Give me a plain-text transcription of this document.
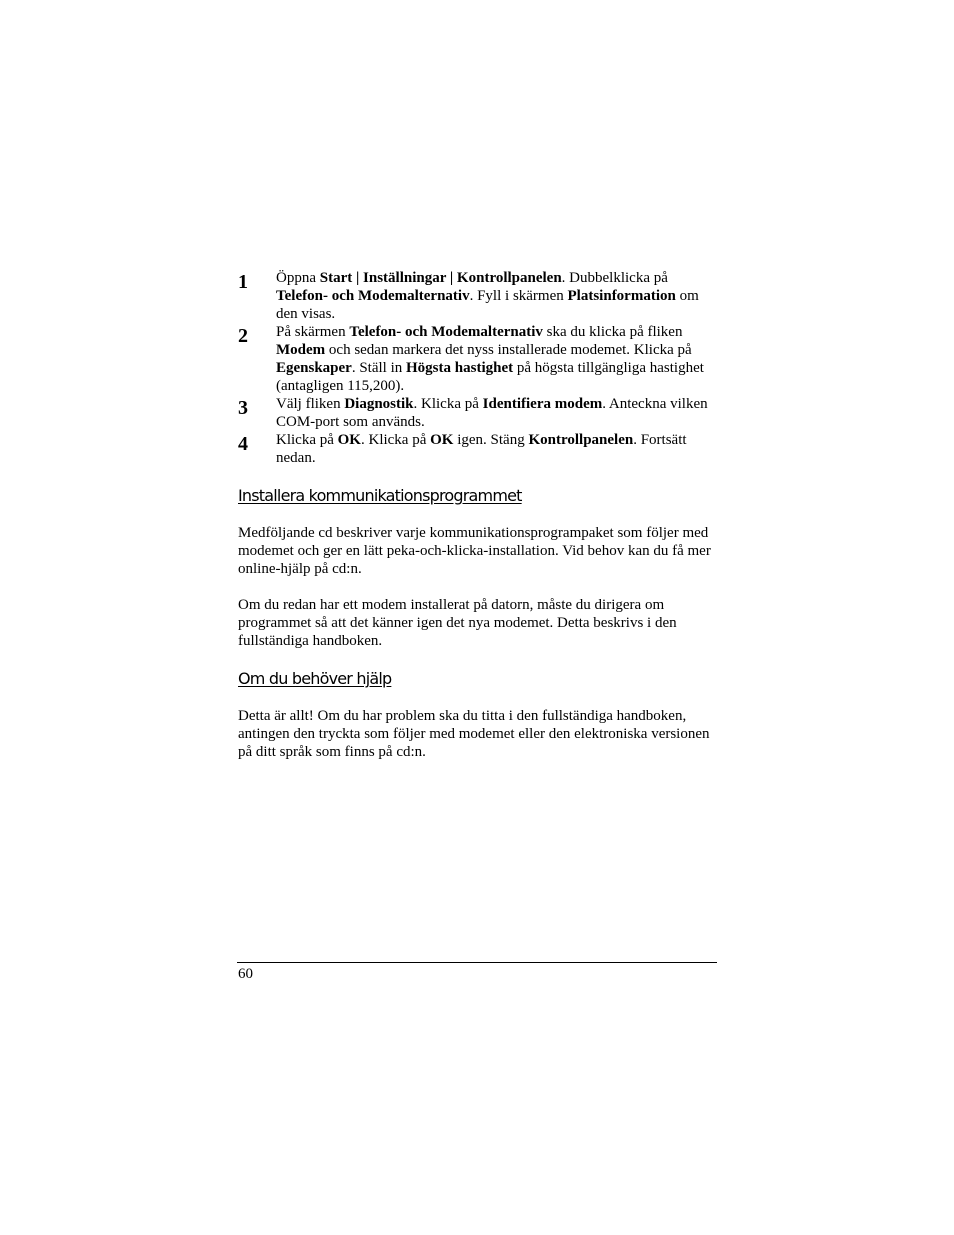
1 Öppna Start | Inställningar | Kontrollpanelen. Dubbelklicka på Telefon- och Modemalternativ. Fyll i skärmen Platsinformation om den visas.
2 På skärmen Telefon- och Modemalternativ ska du klicka på fliken Modem och sedan markera det nyss installerade modemet. Klicka på Egenskaper. Ställ in Högsta hastighet på högsta tillgängliga hastighet (antagligen 115,200).
3 Välj fliken Diagnostik. Klicka på Identifiera modem. Anteckna vilken COM-port som används.
4 Klicka på OK. Klicka på OK igen. Stäng Kontrollpanelen. Fortsätt nedan.
Installera kommunikationsprogrammet
Medföljande cd beskriver varje kommunikationsprogrampaket som följer med modemet och ger en lätt peka-och-klicka-installation. Vid behov kan du få mer online-hjälp på cd:n.
Om du redan har ett modem installerat på datorn, måste du dirigera om programmet så att det känner igen det nya modemet. Detta beskrivs i den fullständiga handboken.
Om du behöver hjälp
Detta är allt! Om du har problem ska du titta i den fullständiga handboken, antingen den tryckta som följer med modemet eller den elektroniska versionen på ditt språk som finns på cd:n.
60
